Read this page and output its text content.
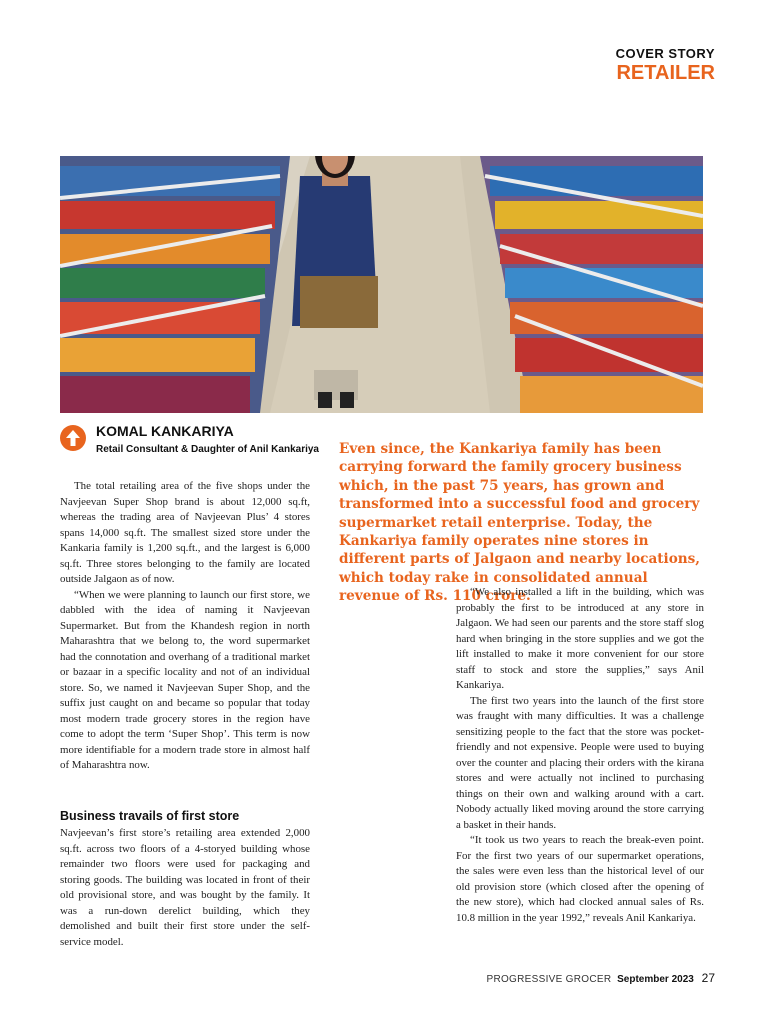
COVER STORY
RETAILER
KOMAL KANKARIYA
Retail Consultant & Daughter of Anil Kankariya Even since, the Kankariya family has been carrying forward the family grocery business which, in the past 75 years, has grown and transformed into a successful food and grocery supermarket retail enterprise. Today, the Kankariya family operates nine stores in different parts of Jalgaon and nearby locations, which today rake in consolidated annual revenue of Rs. 110 crore.

The total retailing area of the five shops under the Navjeevan Super Shop brand is about 12,000 sq.ft, whereas the trading area of Navjeevan Plus’ 4 stores spans 14,000 sq.ft. The smallest sized store under the Kankaria family is 1,200 sq.ft., and the largest is 6,000 sq.ft. Three stores belonging to the family are located outside Jalgaon as of now.

“When we were planning to launch our first store, we dabbled with the idea of naming it Navjeevan Supermarket. But from the Khandesh region in north Maharashtra that we belong to, the word supermarket had the connotation and overhang of a traditional market or bazaar in a specific locality and not of an individual store. So, we named it Navjeevan Super Shop, and the suffix just caught on and became so popular that today most modern trade grocery stores in the region have come to adopt the term ‘Super Shop’. This term is now more identifiable for a modern trade store in almost half of Maharashtra now.

Business travails of first store

Navjeevan’s first store’s retailing area extended 2,000 sq.ft. across two floors of a 4-storyed building whose remainder two floors were used for packaging and storing goods. The building was located in front of their old provisional store, and was bought by the family. It was a run-down derelict building, which they demolished and built their first store under the self-service model.

“We also installed a lift in the building, which was probably the first to be introduced at any store in Jalgaon. We had seen our parents and the store staff slog hard when bringing in the store supplies and we got the lift installed to make it more convenient for our store staff to stock and store the supplies,” says Anil Kankariya.

The first two years into the launch of the first store was fraught with many difficulties. It was a challenge sensitizing people to the fact that the store was pocket-friendly and not expensive. People were used to buying over the counter and placing their orders with the kirana stores and were actually not inclined to purchasing things on their own and walking around with a cart. Nobody actually liked moving around the store carrying a basket in their hands.

“It took us two years to reach the break-even point. For the first two years of our supermarket operations, the sales were even less than the historical level of our old provision store (which closed after the opening of the new store), which had clocked annual sales of Rs. 10.8 million in the year 1992,” reveals Anil Kankariya.

PROGRESSIVE GROCER September 2023 27
